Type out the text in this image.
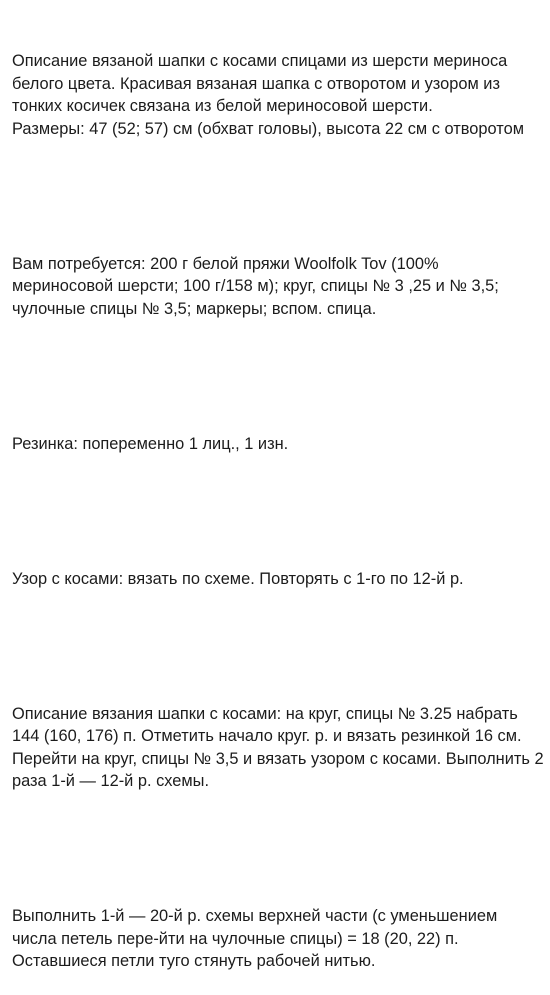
Описание вязаной шапки с косами спицами из шерсти мериноса белого цвета. Красивая вязаная шапка с отворотом и узором из тонких косичек связана из белой мериносовой шерсти.
Размеры: 47 (52; 57) см (обхват головы), высота 22 см с отворотом

Вам потребуется: 200 г белой пряжи Woolfolk Tov (100% мериносовой шерсти; 100 г/158 м); круг, спицы № 3 ,25 и № 3,5; чулочные спицы № 3,5; маркеры; вспом. спица.

Резинка: попеременно 1 лиц., 1 изн.

Узор с косами: вязать по схеме. Повторять с 1-го по 12-й р.

Описание вязания шапки с косами: на круг, спицы № 3.25 набрать 144 (160, 176) п. Отметить начало круг. р. и вязать резинкой 16 см. Перейти на круг, спицы № 3,5 и вязать узором с косами. Выполнить 2 раза 1-й — 12-й р. схемы.

Выполнить 1-й — 20-й р. схемы верхней части (с уменьшением числа петель пере-йти на чулочные спицы) = 18 (20, 22) п. Оставшиеся петли туго стянуть рабочей нитью.
